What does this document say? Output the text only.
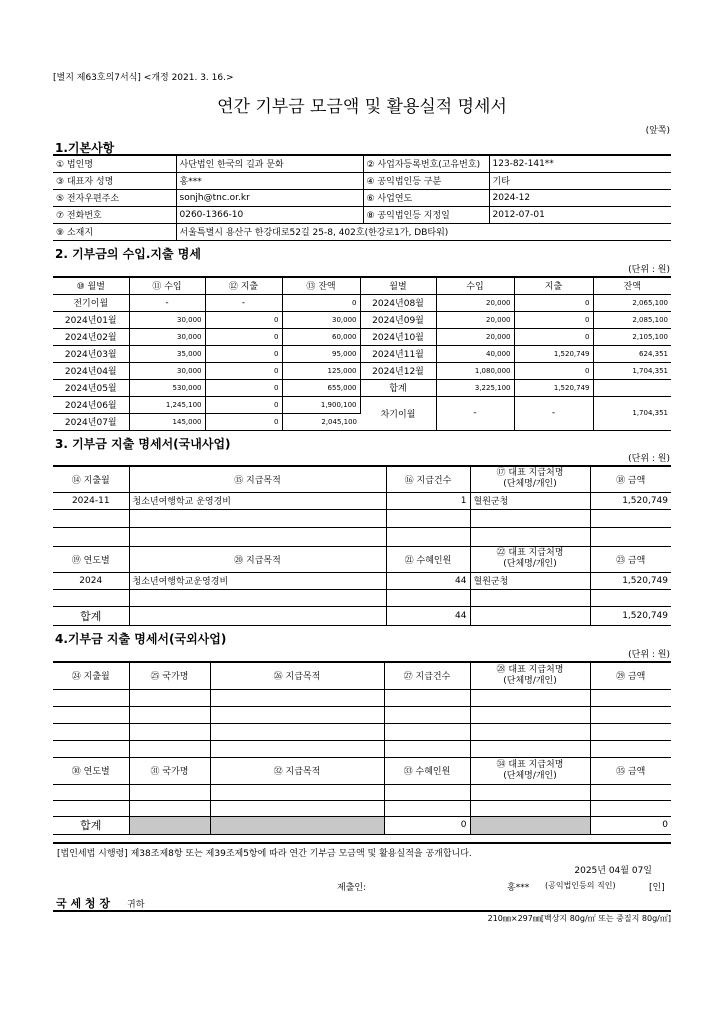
[별지 제63호의7서식] <개정 2021. 3. 16.>
연간 기부금 모금액 및 활용실적 명세서
(앞쪽)
1.기본사항
① 법인명	사단법인 한국의 길과 문화	② 사업자등록번호(고유번호)	123-82-141**
③ 대표자 성명	홍***	④ 공익법인등 구분	기타
⑤ 전자우편주소	sonjh@tnc.or.kr	⑥ 사업연도	2024-12
⑦ 전화번호	0260-1366-10	⑧ 공익법인등 지정일	2012-07-01
⑨ 소재지	서울특별시 용산구 한강대로52길 25-8, 402호(한강로1가, DB타워)		
2. 기부금의 수입.지출 명세
(단위 : 원)
⑩ 월별	⑪ 수입	⑫ 지출	⑬ 잔액	월별	수입	지출	잔액
전기이월	-	-	0	2024년08월	20,000	0	2,065,100
2024년01월	30,000	0	30,000	2024년09월	20,000	0	2,085,100
2024년02월	30,000	0	60,000	2024년10월	20,000	0	2,105,100
2024년03월	35,000	0	95,000	2024년11월	40,000	1,520,749	624,351
2024년04월	30,000	0	125,000	2024년12월	1,080,000	0	1,704,351
2024년05월	530,000	0	655,000	합계	3,225,100	1,520,749	
2024년06월	1,245,100	0	1,900,100	차기이월	-	-	1,704,351
2024년07월	145,000	0	2,045,100				
3. 기부금 지출 명세서(국내사업)
(단위 : 원)
⑭ 지출월	⑮ 지급목적	⑯ 지급건수	⑰ 대표 지급처명
(단체명/개인)	⑱ 금액
2024-11	청소년여행학교 운영경비	1	혈원군청	1,520,749

⑲ 연도별	⑳ 지급목적	㉑ 수혜인원	㉒ 대표 지급처명
(단체명/개인)	㉓ 금액
2024	청소년여행학교운영경비	44	혈원군청	1,520,749

합계		44		1,520,749
4.기부금 지출 명세서(국외사업)
(단위 : 원)
㉔ 지출월	㉕ 국가명	㉖ 지급목적	㉗ 지급건수	㉘ 대표 지급처명
(단체명/개인)	㉙ 금액

㉚ 연도별	㉛ 국가명	㉜ 지급목적	㉝ 수혜인원	㉞ 대표 지급처명
(단체명/개인)	㉟ 금액

합계			0		0
[법인세법 시행령] 제38조제8항 또는 제39조제5항에 따라 연간 기부금 모금액 및 활용실적을 공개합니다.
2025년 04월 07일
제출인:	홍*** (공익법인등의 직인)	[인]
국 세 청 장 귀하
210㎜×297㎜[백상지 80g/㎡ 또는 중질지 80g/㎡]
